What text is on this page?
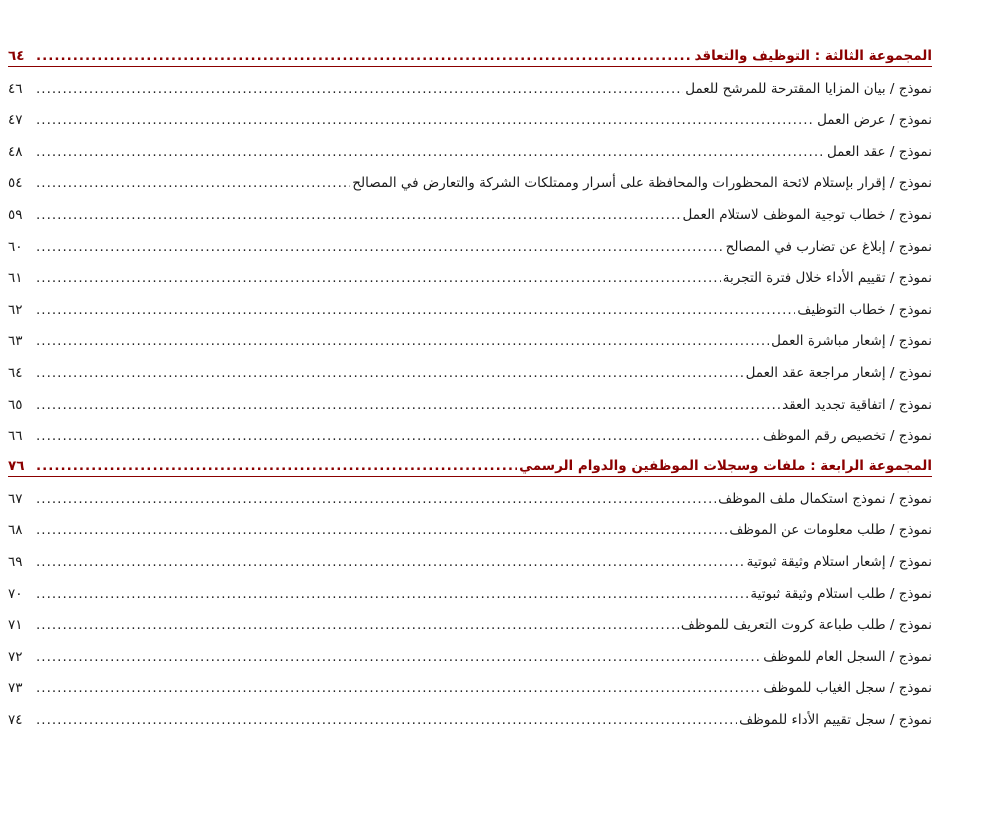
المجموعة الثالثة : التوظيف والتعاقد
.....
٦٤
نموذج / بيان المزايا المقترحة للمرشح للعمل
.....
٤٦
نموذج / عرض العمل
.....
٤٧
نموذج / عقد العمل
.....
٤٨
نموذج / إقرار بإستلام لائحة المحظورات والمحافظة على أسرار وممتلكات الشركة والتعارض في المصالح
.....
٥٤
نموذج / خطاب توجية الموظف لاستلام العمل
.....
٥٩
نموذج / إبلاغ عن تضارب في المصالح
.....
٦٠
نموذج / تقييم الأداء خلال فترة التجربة
.....
٦١
نموذج / خطاب التوظيف
.....
٦٢
نموذج / إشعار مباشرة العمل
.....
٦٣
نموذج / إشعار مراجعة عقد العمل
.....
٦٤
نموذج / اتفاقية تجديد العقد
.....
٦٥
نموذج / تخصيص رقم الموظف
.....
٦٦
المجموعة الرابعة : ملفات وسجلات الموظفين والدوام الرسمي
.....
٧٦
نموذج / نموذج استكمال ملف الموظف
.....
٦٧
نموذج / طلب معلومات عن الموظف
.....
٦٨
نموذج / إشعار استلام وثيقة ثبوتية
.....
٦٩
نموذج / طلب استلام وثيقة ثبوتية
.....
٧٠
نموذج / طلب طباعة كروت التعريف للموظف
.....
٧١
نموذج / السجل العام للموظف
.....
٧٢
نموذج / سجل الغياب للموظف
.....
٧٣
نموذج / سجل تقييم الأداء للموظف
.....
٧٤
